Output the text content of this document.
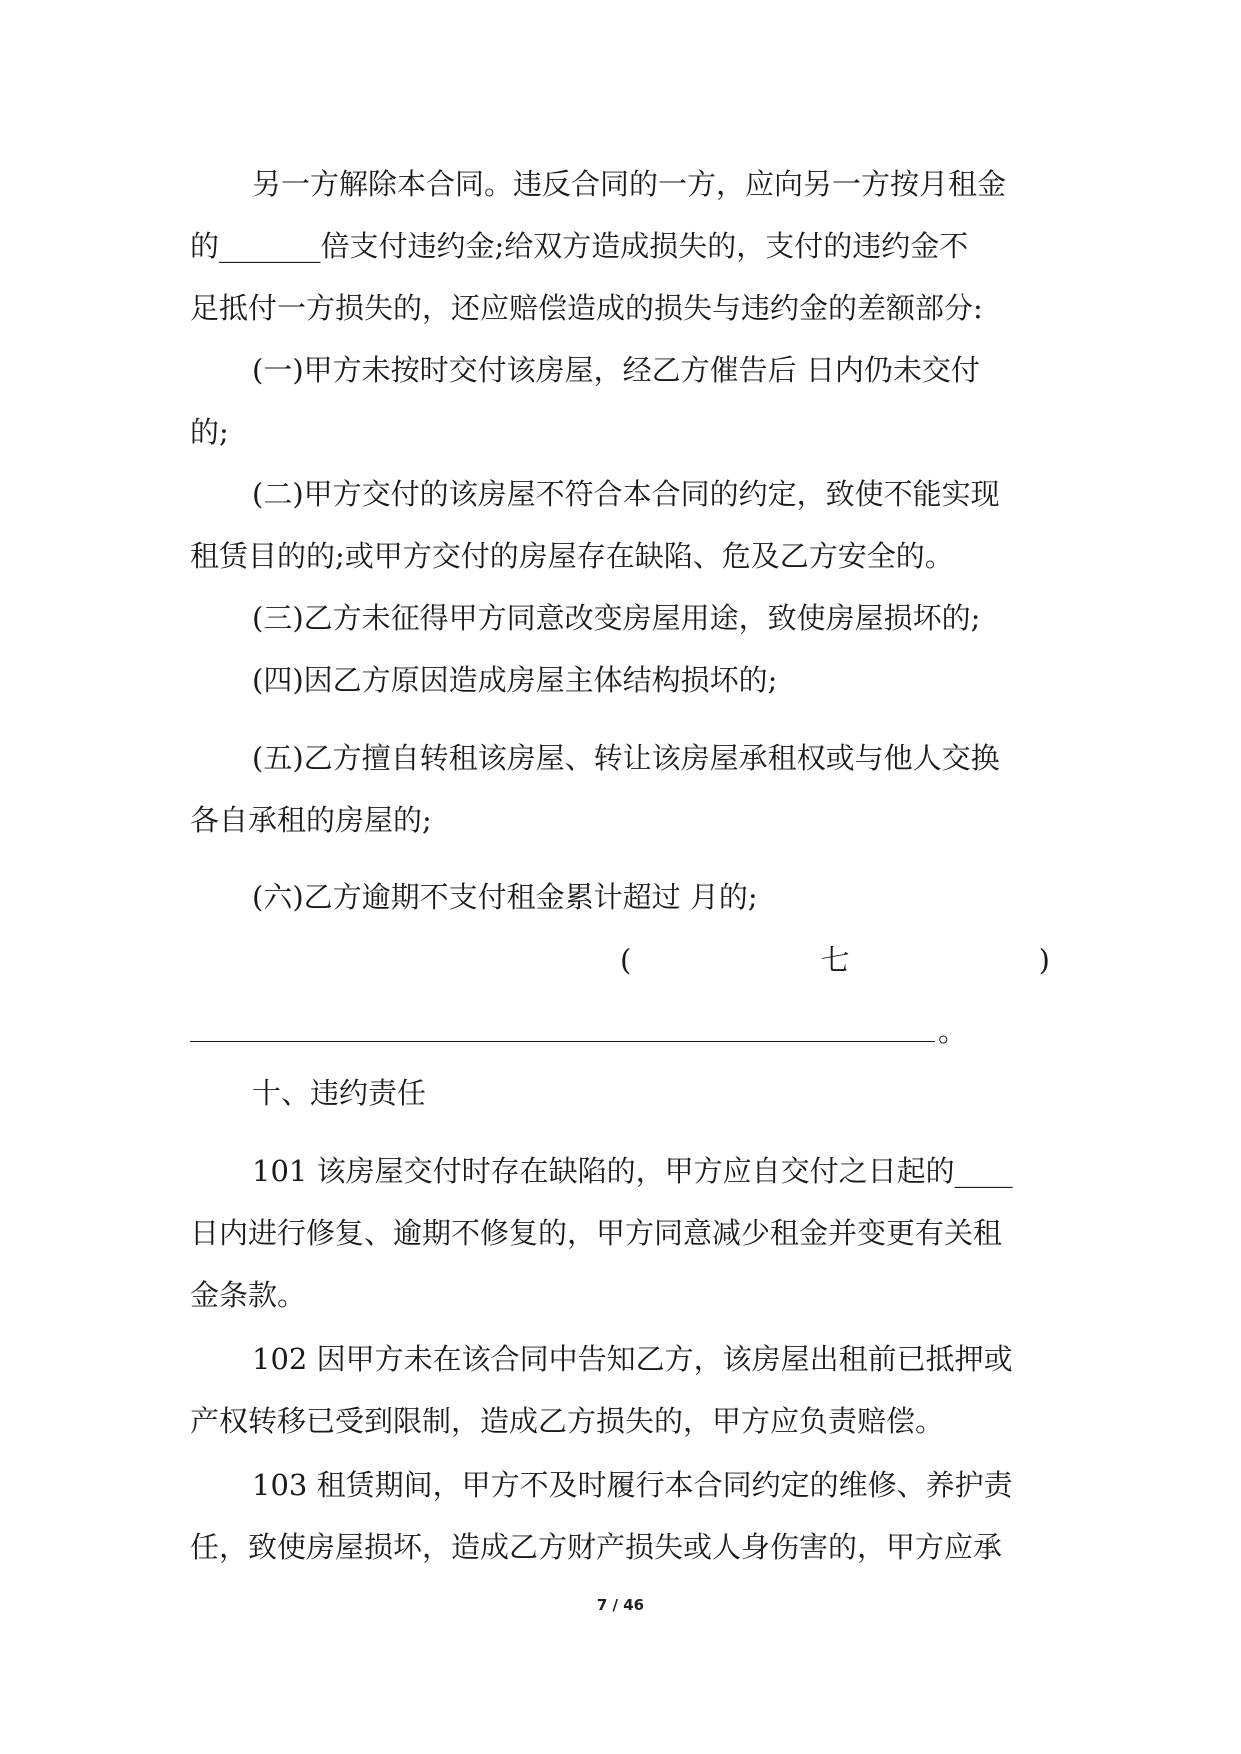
另一方解除本合同。违反合同的一方，应向另一方按月租金
的_______倍支付违约金;给双方造成损失的，支付的违约金不
足抵付一方损失的，还应赔偿造成的损失与违约金的差额部分:
(一)甲方未按时交付该房屋，经乙方催告后 日内仍未交付
的;
(二)甲方交付的该房屋不符合本合同的约定，致使不能实现
租赁目的的;或甲方交付的房屋存在缺陷、危及乙方安全的。
(三)乙方未征得甲方同意改变房屋用途，致使房屋损坏的;
(四)因乙方原因造成房屋主体结构损坏的;
(五)乙方擅自转租该房屋、转让该房屋承租权或与他人交换
各自承租的房屋的;
(六)乙方逾期不支付租金累计超过 月的;
(	七	)
。
十、违约责任
101 该房屋交付时存在缺陷的，甲方应自交付之日起的____
日内进行修复、逾期不修复的，甲方同意减少租金并变更有关租
金条款。
102 因甲方未在该合同中告知乙方，该房屋出租前已抵押或
产权转移已受到限制，造成乙方损失的，甲方应负责赔偿。
103 租赁期间，甲方不及时履行本合同约定的维修、养护责
任，致使房屋损坏，造成乙方财产损失或人身伤害的，甲方应承
7 / 46
